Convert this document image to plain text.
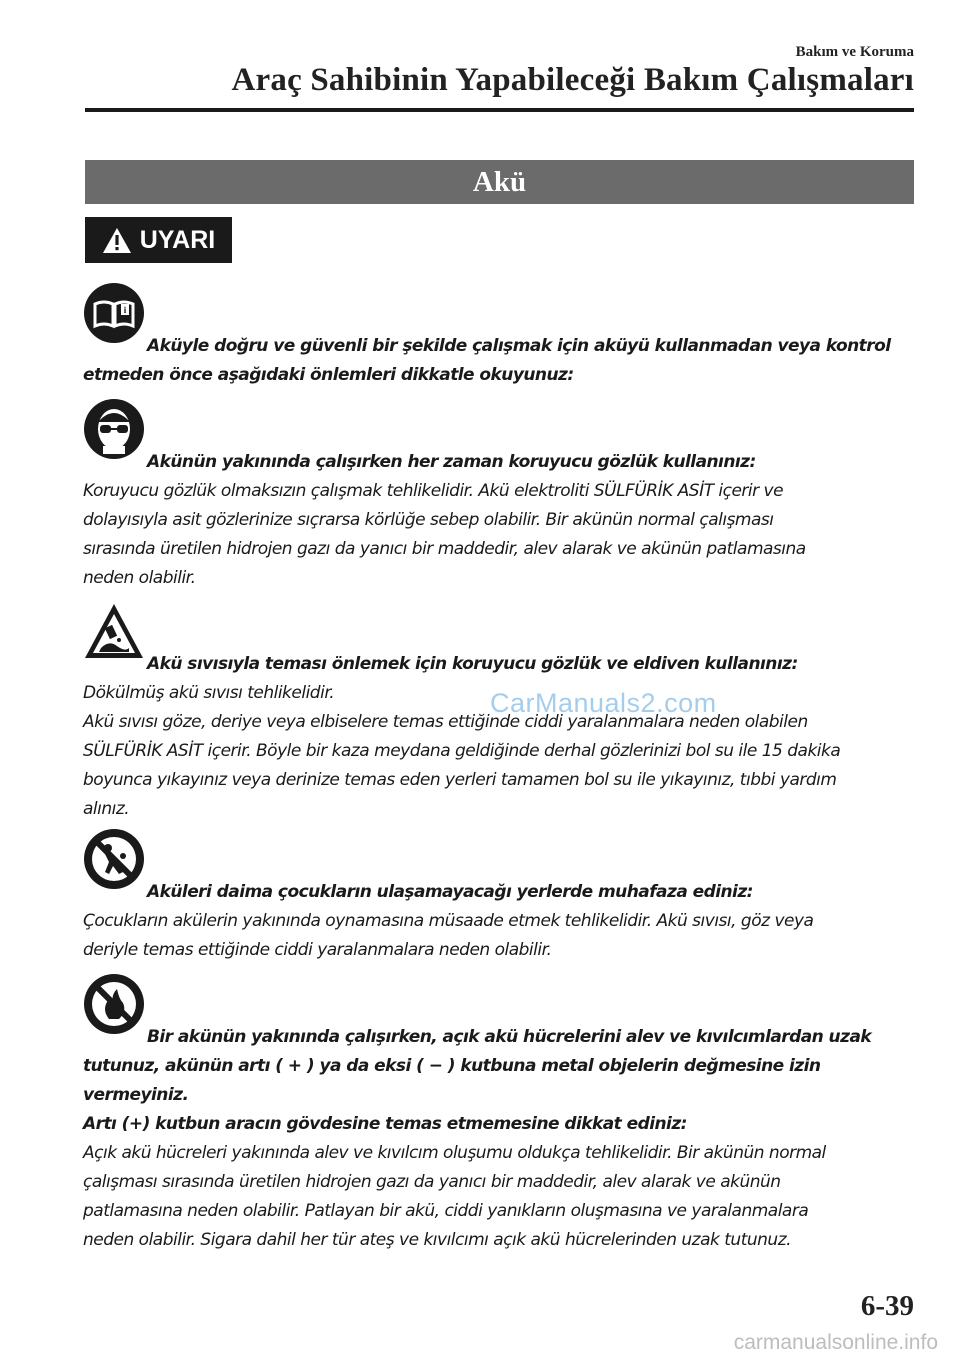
Bakım ve Koruma
Araç Sahibinin Yapabileceği Bakım Çalışmaları
Akü
UYARI
i
Aküyle doğru ve güvenli bir şekilde çalışmak için aküyü kullanmadan veya kontrol
etmeden önce aşağıdaki önlemleri dikkatle okuyunuz:
Akünün yakınında çalışırken her zaman koruyucu gözlük kullanınız:

Koruyucu gözlük olmaksızın çalışmak tehlikelidir. Akü elektroliti SÜLFÜRİK ASİT içerir ve
dolayısıyla asit gözlerinize sıçrarsa körlüğe sebep olabilir. Bir akünün normal çalışması
sırasında üretilen hidrojen gazı da yanıcı bir maddedir, alev alarak ve akünün patlamasına
neden olabilir.

Akü sıvısıyla teması önlemek için koruyucu gözlük ve eldiven kullanınız:

Dökülmüş akü sıvısı tehlikelidir.
Akü sıvısı göze, deriye veya elbiselere temas ettiğinde ciddi yaralanmalara neden olabilen
SÜLFÜRİK ASİT içerir. Böyle bir kaza meydana geldiğinde derhal gözlerinizi bol su ile 15 dakika
boyunca yıkayınız veya derinize temas eden yerleri tamamen bol su ile yıkayınız, tıbbi yardım
alınız.

Aküleri daima çocukların ulaşamayacağı yerlerde muhafaza ediniz:

Çocukların akülerin yakınında oynamasına müsaade etmek tehlikelidir. Akü sıvısı, göz veya
deriyle temas ettiğinde ciddi yaralanmalara neden olabilir.

Bir akünün yakınında çalışırken, açık akü hücrelerini alev ve kıvılcımlardan uzak
tutunuz, akünün artı ( + ) ya da eksi ( − ) kutbuna metal objelerin değmesine izin vermeyiniz.
Artı (+) kutbun aracın gövdesine temas etmemesine dikkat ediniz:

Açık akü hücreleri yakınında alev ve kıvılcım oluşumu oldukça tehlikelidir. Bir akünün normal
çalışması sırasında üretilen hidrojen gazı da yanıcı bir maddedir, alev alarak ve akünün
patlamasına neden olabilir. Patlayan bir akü, ciddi yanıkların oluşmasına ve yaralanmalara
neden olabilir. Sigara dahil her tür ateş ve kıvılcımı açık akü hücrelerinden uzak tutunuz.

CarManuals2.com
6-39
carmanualsonline.info
